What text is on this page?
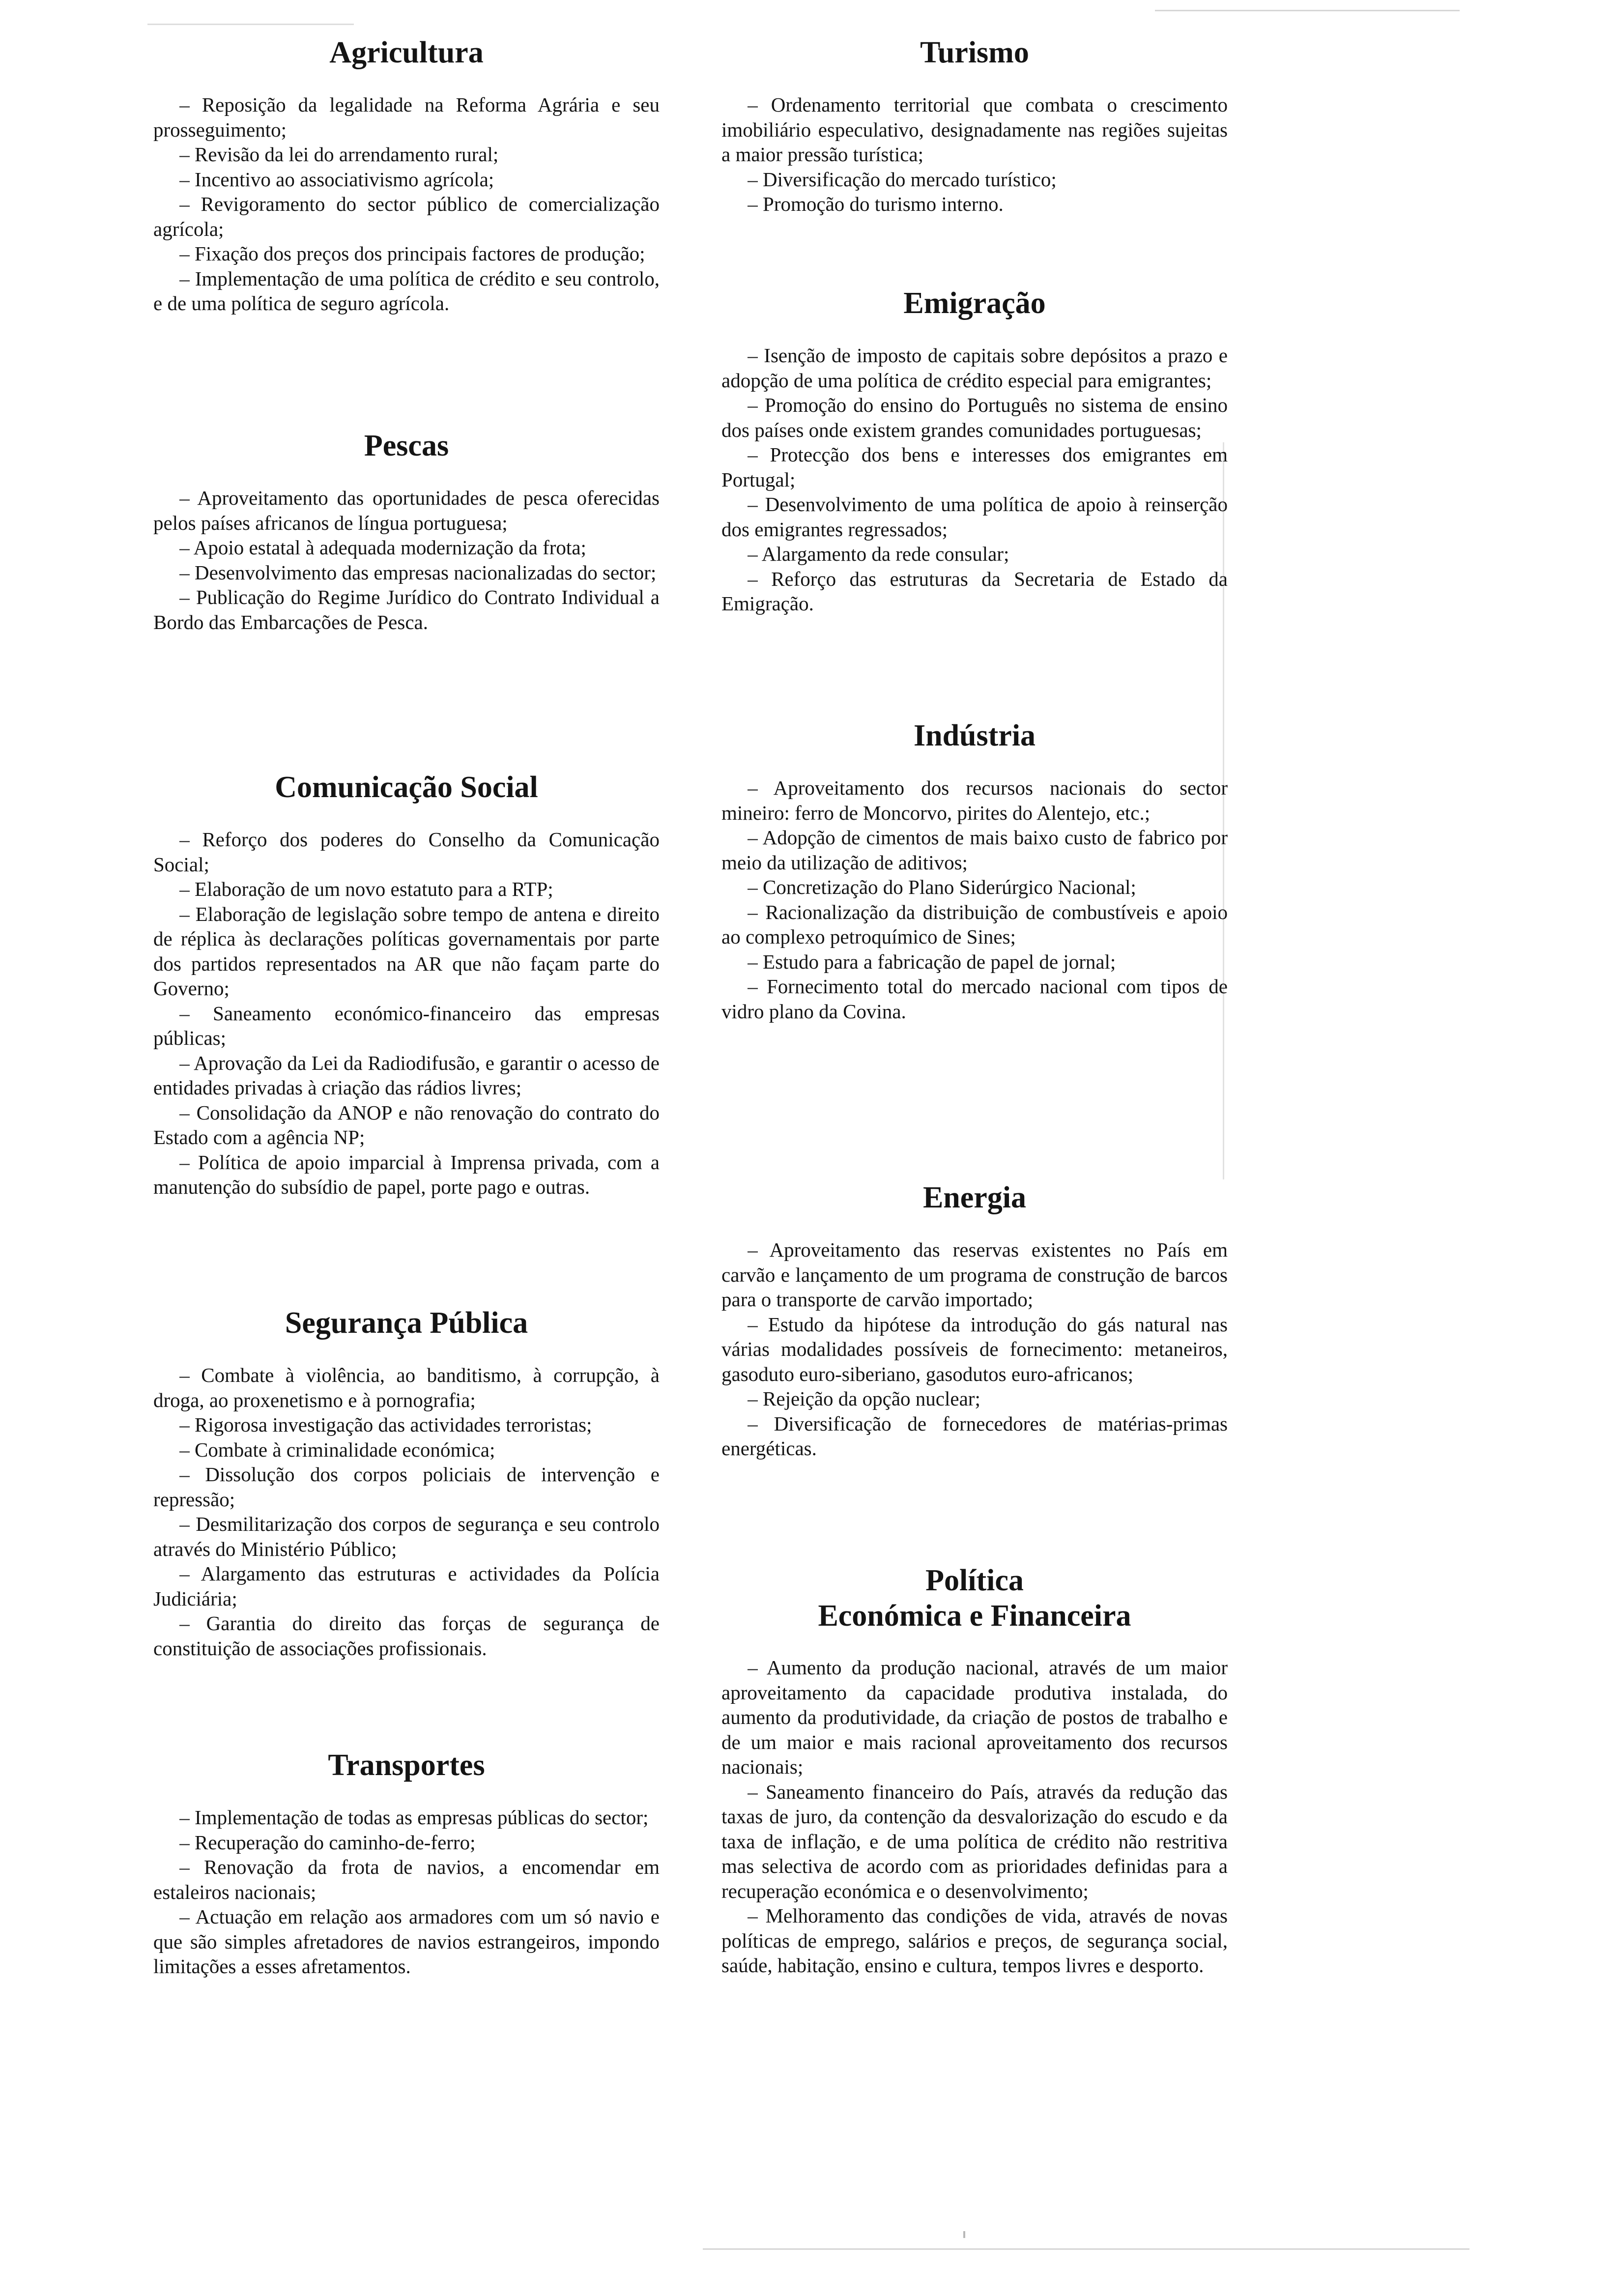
Agricultura

– Reposição da legalidade na Reforma Agrária e seu prosseguimento;

– Revisão da lei do arrendamento rural;

– Incentivo ao associativismo agrícola;

– Revigoramento do sector público de comercialização agrícola;

– Fixação dos preços dos principais factores de produção;

– Implementação de uma política de crédito e seu controlo, e de uma política de seguro agrícola.

Pescas

– Aproveitamento das oportunidades de pesca oferecidas pelos países africanos de língua portuguesa;

– Apoio estatal à adequada modernização da frota;

– Desenvolvimento das empresas nacionalizadas do sector;

– Publicação do Regime Jurídico do Contrato Individual a Bordo das Embarcações de Pesca.

Comunicação Social

– Reforço dos poderes do Conselho da Comunicação Social;

– Elaboração de um novo estatuto para a RTP;

– Elaboração de legislação sobre tempo de antena e direito de réplica às declarações políticas governamentais por parte dos partidos representados na AR que não façam parte do Governo;

– Saneamento económico-financeiro das empresas públicas;

– Aprovação da Lei da Radiodifusão, e garantir o acesso de entidades privadas à criação das rádios livres;

– Consolidação da ANOP e não renovação do contrato do Estado com a agência NP;

– Política de apoio imparcial à Imprensa privada, com a manutenção do subsídio de papel, porte pago e outras.

Segurança Pública

– Combate à violência, ao banditismo, à corrupção, à droga, ao proxenetismo e à pornografia;

– Rigorosa investigação das actividades terroristas;

– Combate à criminalidade económica;

– Dissolução dos corpos policiais de intervenção e repressão;

– Desmilitarização dos corpos de segurança e seu controlo através do Ministério Público;

– Alargamento das estruturas e actividades da Polícia Judiciária;

– Garantia do direito das forças de segurança de constituição de associações profissionais.

Transportes

– Implementação de todas as empresas públicas do sector;

– Recuperação do caminho-de-ferro;

– Renovação da frota de navios, a encomendar em estaleiros nacionais;

– Actuação em relação aos armadores com um só navio e que são simples afretadores de navios estrangeiros, impondo limitações a esses afretamentos.

Turismo

– Ordenamento territorial que combata o crescimento imobiliário especulativo, designadamente nas regiões sujeitas a maior pressão turística;

– Diversificação do mercado turístico;

– Promoção do turismo interno.

Emigração

– Isenção de imposto de capitais sobre depósitos a prazo e adopção de uma política de crédito especial para emigrantes;

– Promoção do ensino do Português no sistema de ensino dos países onde existem grandes comunidades portuguesas;

– Protecção dos bens e interesses dos emigrantes em Portugal;

– Desenvolvimento de uma política de apoio à reinserção dos emigrantes regressados;

– Alargamento da rede consular;

– Reforço das estruturas da Secretaria de Estado da Emigração.

Indústria

– Aproveitamento dos recursos nacionais do sector mineiro: ferro de Moncorvo, pirites do Alentejo, etc.;

– Adopção de cimentos de mais baixo custo de fabrico por meio da utilização de aditivos;

– Concretização do Plano Siderúrgico Nacional;

– Racionalização da distribuição de combustíveis e apoio ao complexo petroquímico de Sines;

– Estudo para a fabricação de papel de jornal;

– Fornecimento total do mercado nacional com tipos de vidro plano da Covina.

Energia

– Aproveitamento das reservas existentes no País em carvão e lançamento de um programa de construção de barcos para o transporte de carvão importado;

– Estudo da hipótese da introdução do gás natural nas várias modalidades possíveis de fornecimento: metaneiros, gasoduto euro-siberiano, gasodutos euro-africanos;

– Rejeição da opção nuclear;

– Diversificação de fornecedores de matérias-primas energéticas.

Política
Económica e Financeira

– Aumento da produção nacional, através de um maior aproveitamento da capacidade produtiva instalada, do aumento da produtividade, da criação de postos de trabalho e de um maior e mais racional aproveitamento dos recursos nacionais;

– Saneamento financeiro do País, através da redução das taxas de juro, da contenção da desvalorização do escudo e da taxa de inflação, e de uma política de crédito não restritiva mas selectiva de acordo com as prioridades definidas para a recuperação económica e o desenvolvimento;

– Melhoramento das condições de vida, através de novas políticas de emprego, salários e preços, de segurança social, saúde, habitação, ensino e cultura, tempos livres e desporto.
